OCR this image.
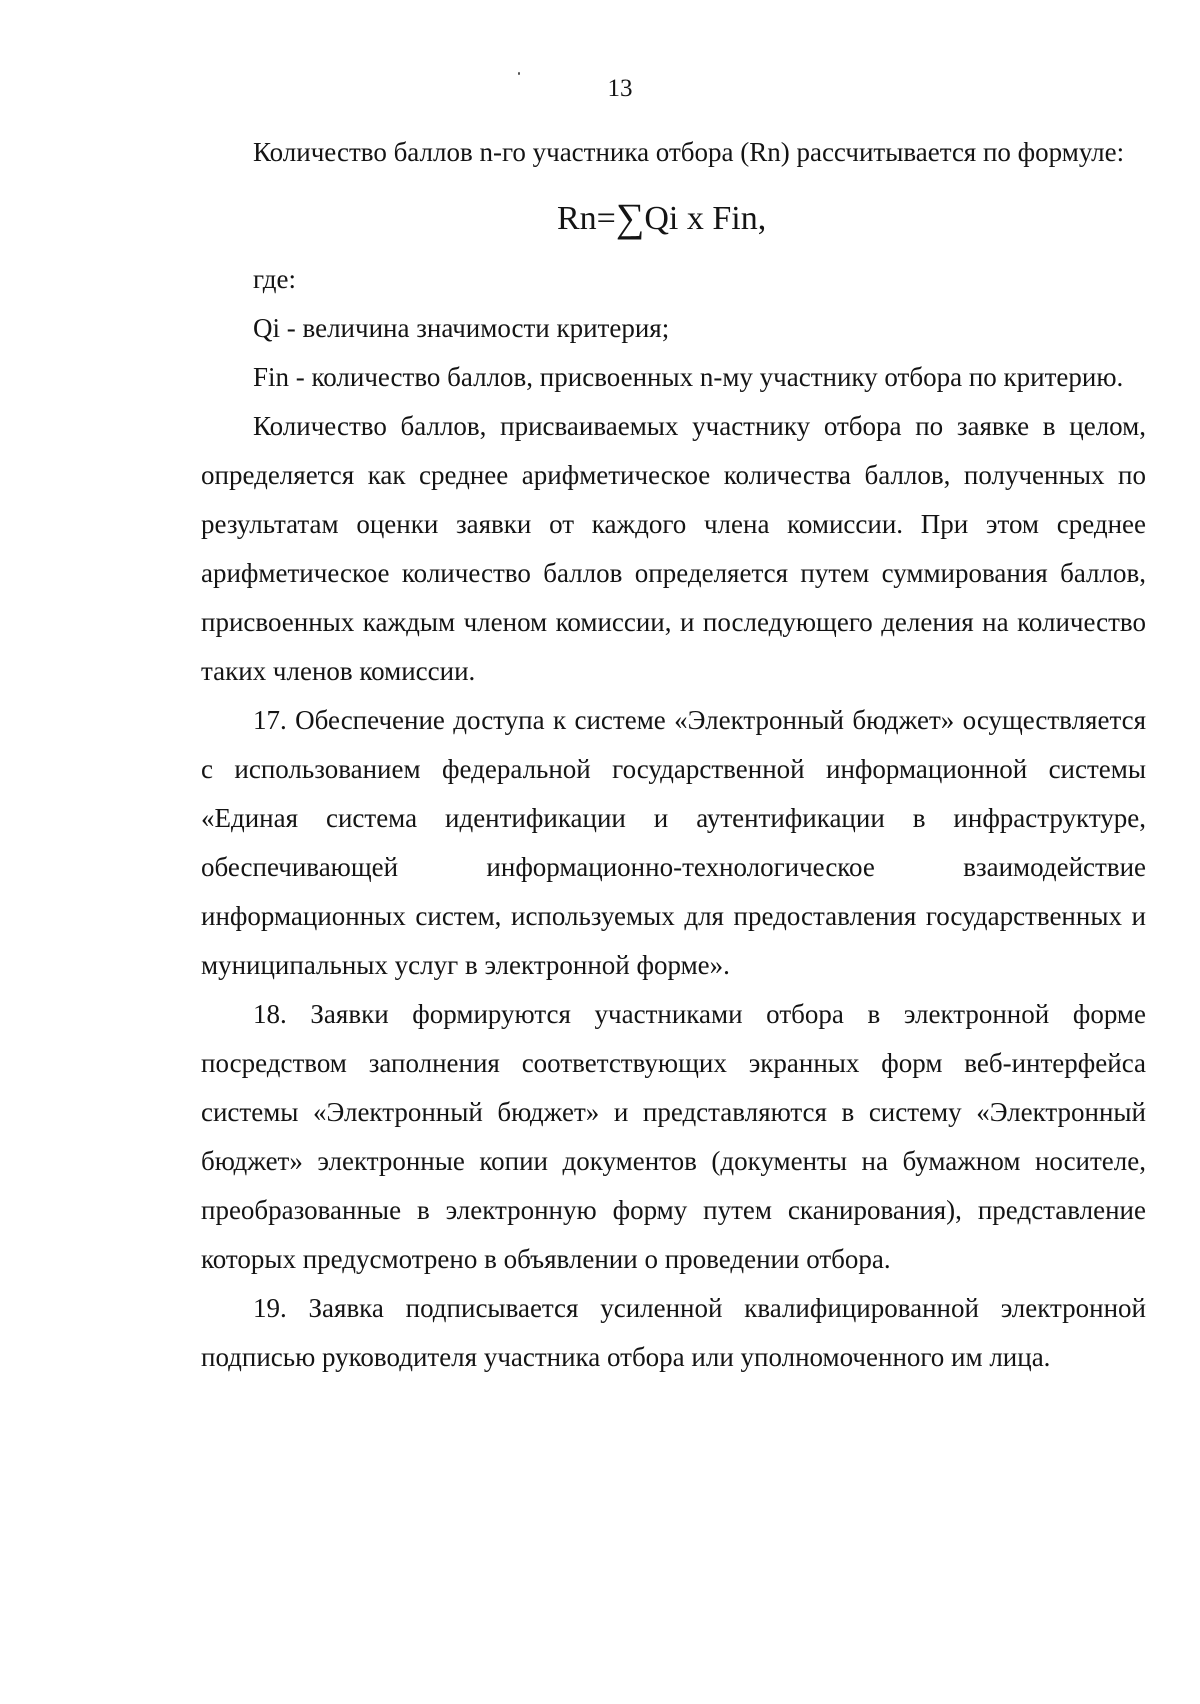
13

Количество баллов n-го участника отбора (Rn) рассчитывается по формуле:

Rn=∑Qi x Fin,

где:

Qi - величина значимости критерия;

Fin - количество баллов, присвоенных n-му участнику отбора по критерию.

Количество баллов, присваиваемых участнику отбора по заявке в целом, определяется как среднее арифметическое количества баллов, полученных по результатам оценки заявки от каждого члена комиссии. При этом среднее арифметическое количество баллов определяется путем суммирования баллов, присвоенных каждым членом комиссии, и последующего деления на количество таких членов комиссии.

17. Обеспечение доступа к системе «Электронный бюджет» осуществляется с использованием федеральной государственной информационной системы «Единая система идентификации и аутентификации в инфраструктуре, обеспечивающей информационно-технологическое взаимодействие информационных систем, используемых для предоставления государственных и муниципальных услуг в электронной форме».

18. Заявки формируются участниками отбора в электронной форме посредством заполнения соответствующих экранных форм веб-интерфейса системы «Электронный бюджет» и представляются в систему «Электронный бюджет» электронные копии документов (документы на бумажном носителе, преобразованные в электронную форму путем сканирования), представление которых предусмотрено в объявлении о проведении отбора.

19. Заявка подписывается усиленной квалифицированной электронной подписью руководителя участника отбора или уполномоченного им лица.
